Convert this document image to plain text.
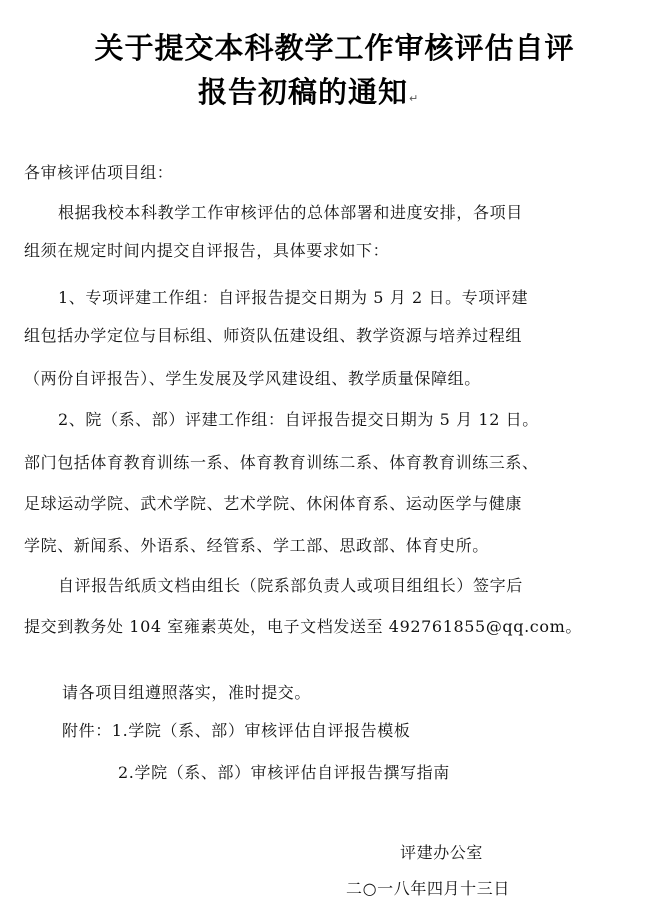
关于提交本科教学工作审核评估自评
报告初稿的通知↵
各审核评估项目组：
根据我校本科教学工作审核评估的总体部署和进度安排，各项目
组须在规定时间内提交自评报告，具体要求如下：
1、专项评建工作组：自评报告提交日期为 5 月 2 日。专项评建
组包括办学定位与目标组、师资队伍建设组、教学资源与培养过程组
（两份自评报告）、学生发展及学风建设组、教学质量保障组。
2、院（系、部）评建工作组：自评报告提交日期为 5 月 12 日。
部门包括体育教育训练一系、体育教育训练二系、体育教育训练三系、
足球运动学院、武术学院、艺术学院、休闲体育系、运动医学与健康
学院、新闻系、外语系、经管系、学工部、思政部、体育史所。
自评报告纸质文档由组长（院系部负责人或项目组组长）签字后
提交到教务处 104 室雍素英处，电子文档发送至 492761855@qq.com。
请各项目组遵照落实，准时提交。
附件：1.学院（系、部）审核评估自评报告模板
2.学院（系、部）审核评估自评报告撰写指南
评建办公室
二○一八年四月十三日
